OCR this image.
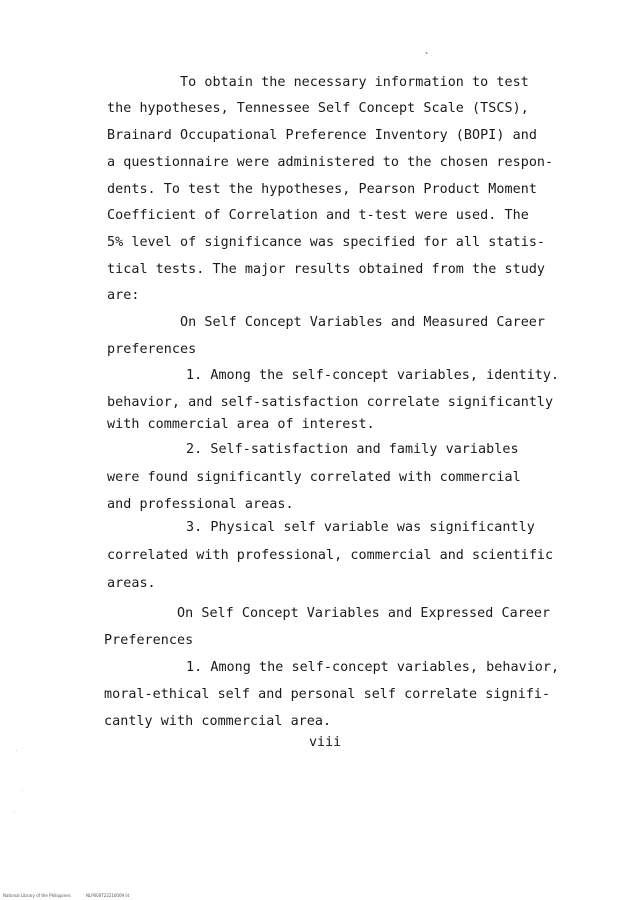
`
To obtain the necessary information to test
the hypotheses, Tennessee Self Concept Scale (TSCS),
Brainard Occupational Preference Inventory (BOPI) and
a questionnaire were administered to the chosen respon-
dents. To test the hypotheses, Pearson Product Moment
Coefficient of Correlation and t-test were used. The
5% level of significance was specified for all statis-
tical tests. The major results obtained from the study
are:
On Self Concept Variables and Measured Career
preferences
1. Among the self-concept variables, identity.
behavior, and self-satisfaction correlate significantly
with commercial area of interest.
2. Self-satisfaction and family variables
were found significantly correlated with commercial
and professional areas.
3. Physical self variable was significantly
correlated with professional, commercial and scientific
areas.
On Self Concept Variables and Expressed Career
Preferences
1. Among the self-concept variables, behavior,
moral-ethical self and personal self correlate signifi-
cantly with commercial area.
viii
National Library of the Philippines	NLP000T22210009 lit
